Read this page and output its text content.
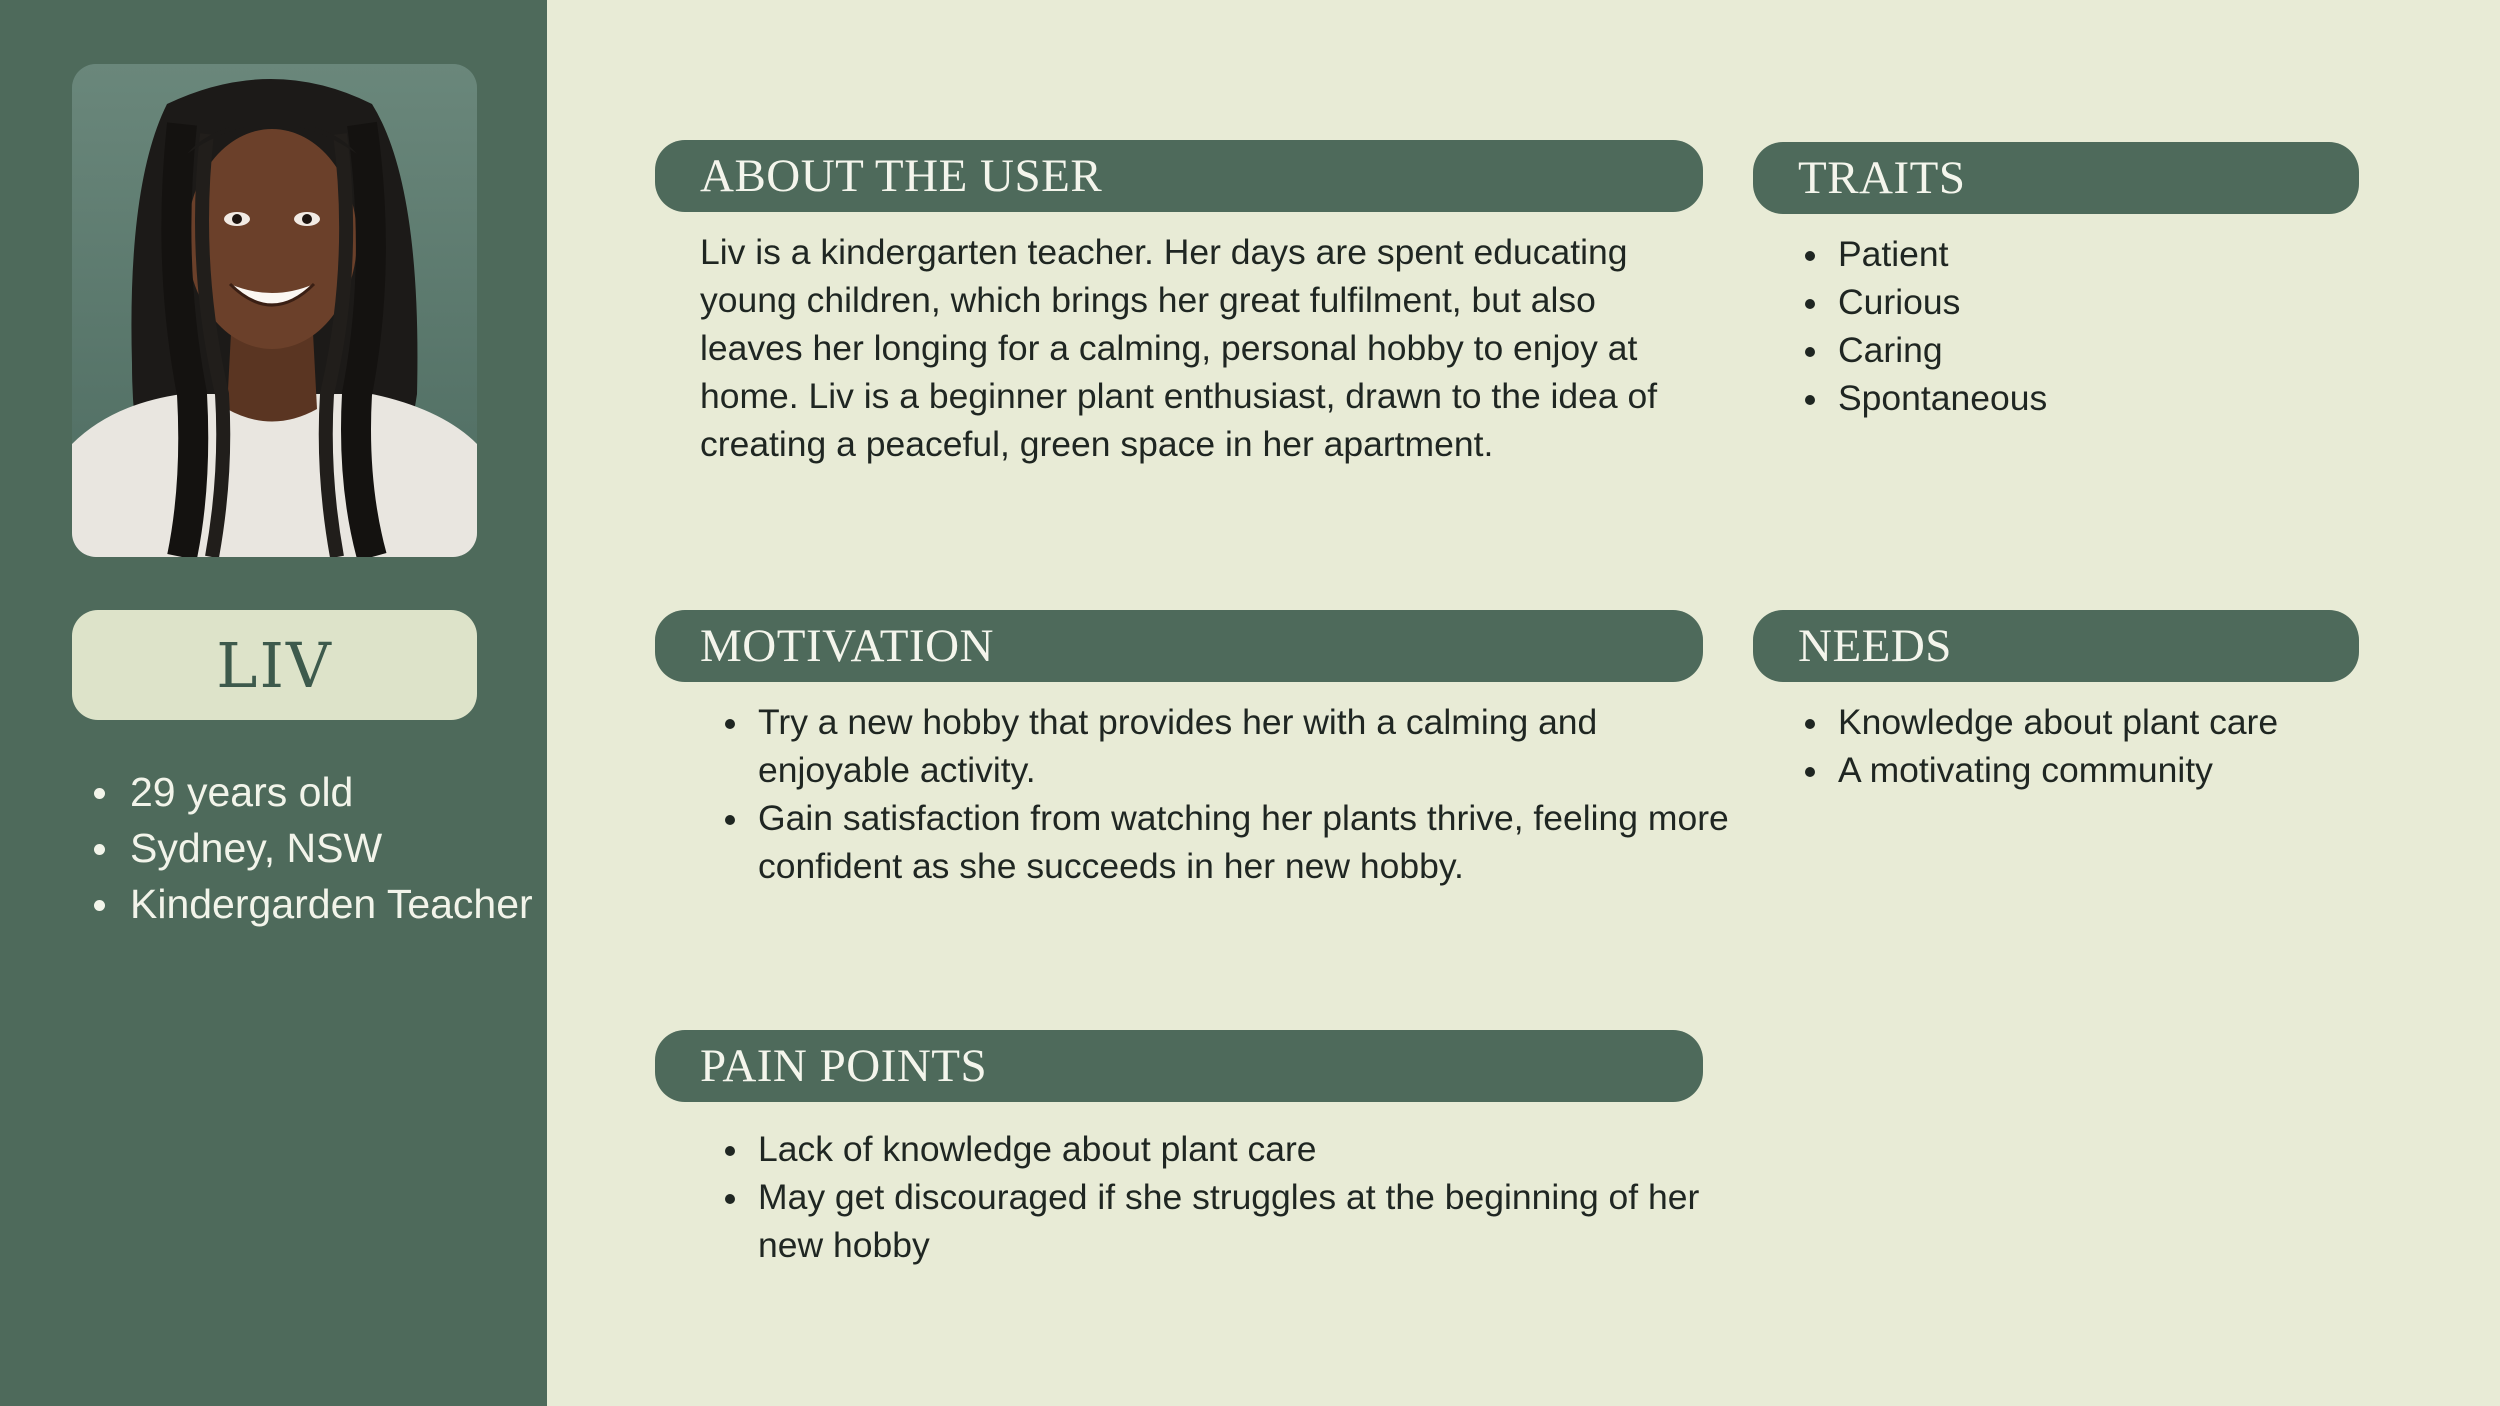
LIV
29 years old
Sydney, NSW
Kindergarden Teacher
ABOUT THE USER

Liv is a kindergarten teacher. Her days are spent educating young children, which brings her great fulfilment, but also leaves her longing for a calming, personal hobby to enjoy at home. Liv is a beginner plant enthusiast, drawn to the idea of creating a peaceful, green space in her apartment.

TRAITS
Patient
Curious
Caring
Spontaneous
MOTIVATION
Try a new hobby that provides her with a calming and enjoyable activity.
Gain satisfaction from watching her plants thrive, feeling more confident as she succeeds in her new hobby.
NEEDS
Knowledge about plant care
A motivating community
PAIN POINTS
Lack of knowledge about plant care
May get discouraged if she struggles at the beginning of her new hobby
